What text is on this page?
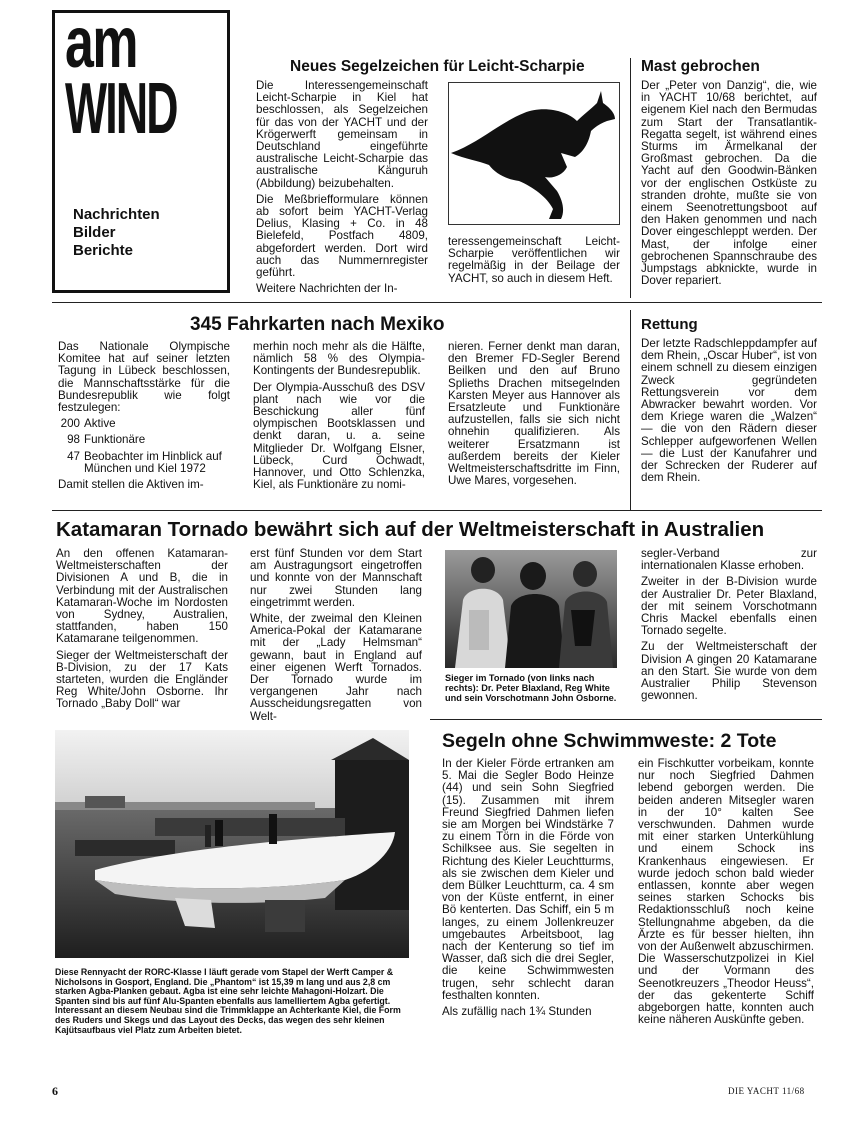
am
WIND
Nachrichten
Bilder
Berichte
Neues Segelzeichen für Leicht-Scharpie

Die Interessengemeinschaft Leicht-Scharpie in Kiel hat beschlossen, als Segelzeichen für das von der YACHT und der Krögerwerft gemeinsam in Deutschland eingeführte australische Leicht-Scharpie das australische Känguruh (Abbildung) beizubehalten.

Die Meßbriefformulare können ab sofort beim YACHT-Verlag Delius, Klasing + Co. in 48 Bielefeld, Postfach 4809, abgefordert werden. Dort wird auch das Nummernregister geführt.

Weitere Nachrichten der In-

teressengemeinschaft Leicht-Scharpie veröffentlichen wir regelmäßig in der Beilage der YACHT, so auch in diesem Heft.
Mast gebrochen
Der „Peter von Danzig“, die, wie in YACHT 10/68 berichtet, auf eigenem Kiel nach den Bermudas zum Start der Transatlantik-Regatta segelt, ist während eines Sturms im Ärmelkanal der Großmast gebrochen. Da die Yacht auf den Goodwin-Bänken vor der englischen Ostküste zu stranden drohte, mußte sie von einem Seenotrettungsboot auf den Haken genommen und nach Dover eingeschleppt werden. Der Mast, der infolge einer gebrochenen Spannschraube des Jumpstags abknickte, wurde in Dover repariert.
345 Fahrkarten nach Mexiko

Das Nationale Olympische Komitee hat auf seiner letzten Tagung in Lübeck beschlossen, die Mannschaftsstärke für die Bundesrepublik wie folgt festzulegen:

200 Aktive
98 Funktionäre
47 Beobachter im Hinblick auf München und Kiel 1972

Damit stellen die Aktiven im-

merhin noch mehr als die Hälfte, nämlich 58 % des Olympia-Kontingents der Bundesrepublik.

Der Olympia-Ausschuß des DSV plant nach wie vor die Beschickung aller fünf olympischen Bootsklassen und denkt daran, u. a. seine Mitglieder Dr. Wolfgang Elsner, Lübeck, Curd Ochwadt, Hannover, und Otto Schlenzka, Kiel, als Funktionäre zu nomi-

nieren. Ferner denkt man daran, den Bremer FD-Segler Berend Beilken und den auf Bruno Splieths Drachen mitsegelnden Karsten Meyer aus Hannover als Ersatzleute und Funktionäre aufzustellen, falls sie sich nicht ohnehin qualifizieren. Als weiterer Ersatzmann ist außerdem bereits der Kieler Weltmeisterschaftsdritte im Finn, Uwe Mares, vorgesehen.
Rettung
Der letzte Radschleppdampfer auf dem Rhein, „Oscar Huber“, ist von einem schnell zu diesem einzigen Zweck gegründeten Rettungsverein vor dem Abwracker bewahrt worden. Vor dem Kriege waren die „Walzen“ — die von den Rädern dieser Schlepper aufgeworfenen Wellen — die Lust der Kanufahrer und der Schrecken der Ruderer auf dem Rhein.
Katamaran Tornado bewährt sich auf der Weltmeisterschaft in Australien

An den offenen Katamaran-Weltmeisterschaften der Divisionen A und B, die in Verbindung mit der Australischen Katamaran-Woche im Nordosten von Sydney, Australien, stattfanden, haben 150 Katamarane teilgenommen.

Sieger der Weltmeisterschaft der B-Division, zu der 17 Kats starteten, wurden die Engländer Reg White/John Osborne. Ihr Tornado „Baby Doll“ war

erst fünf Stunden vor dem Start am Austragungsort eingetroffen und konnte von der Mannschaft nur zwei Stunden lang eingetrimmt werden.

White, der zweimal den Kleinen America-Pokal der Katamarane mit der „Lady Helmsman“ gewann, baut in England auf einer eigenen Werft Tornados. Der Tornado wurde im vergangenen Jahr nach Ausscheidungsregatten von Welt-

Sieger im Tornado (von links nach rechts): Dr. Peter Blaxland, Reg White und sein Vorschotmann John Osborne.

segler-Verband zur internationalen Klasse erhoben.

Zweiter in der B-Division wurde der Australier Dr. Peter Blaxland, der mit seinem Vorschotmann Chris Mackel ebenfalls einen Tornado segelte.

Zu der Weltmeisterschaft der Division A gingen 20 Katamarane an den Start. Sie wurde von dem Australier Philip Stevenson gewonnen.

Diese Rennyacht der RORC-Klasse I läuft gerade vom Stapel der Werft Camper & Nicholsons in Gosport, England. Die „Phantom“ ist 15,39 m lang und aus 2,8 cm starken Agba-Planken gebaut. Agba ist eine sehr leichte Mahagoni-Holzart. Die Spanten sind bis auf fünf Alu-Spanten ebenfalls aus lamelliertem Agba gefertigt. Interessant an diesem Neubau sind die Trimmklappe an Achterkante Kiel, die Form des Ruders und Skegs und das Layout des Decks, das wegen des sehr kleinen Kajütsaufbaus viel Platz zum Arbeiten bietet.
Segeln ohne Schwimmweste: 2 Tote

In der Kieler Förde ertranken am 5. Mai die Segler Bodo Heinze (44) und sein Sohn Siegfried (15). Zusammen mit ihrem Freund Siegfried Dahmen liefen sie am Morgen bei Windstärke 7 zu einem Törn in die Förde von Schilksee aus. Sie segelten in Richtung des Kieler Leuchtturms, als sie zwischen dem Kieler und dem Bülker Leuchtturm, ca. 4 sm von der Küste entfernt, in einer Bö kenterten. Das Schiff, ein 5 m langes, zu einem Jollenkreuzer umgebautes Arbeitsboot, lag nach der Kenterung so tief im Wasser, daß sich die drei Segler, die keine Schwimmwesten trugen, sehr schlecht daran festhalten konnten.

Als zufällig nach 1¾ Stunden

ein Fischkutter vorbeikam, konnte nur noch Siegfried Dahmen lebend geborgen werden. Die beiden anderen Mitsegler waren in der 10° kalten See verschwunden. Dahmen wurde mit einer starken Unterkühlung und einem Schock ins Krankenhaus eingewiesen. Er wurde jedoch schon bald wieder entlassen, konnte aber wegen seines starken Schocks bis Redaktionsschluß noch keine Stellungnahme abgeben, da die Ärzte es für besser hielten, ihn von der Außenwelt abzuschirmen. Die Wasserschutzpolizei in Kiel und der Vormann des Seenotkreuzers „Theodor Heuss“, der das gekenterte Schiff abgeborgen hatte, konnten auch keine näheren Auskünfte geben.
6	DIE YACHT 11/68
